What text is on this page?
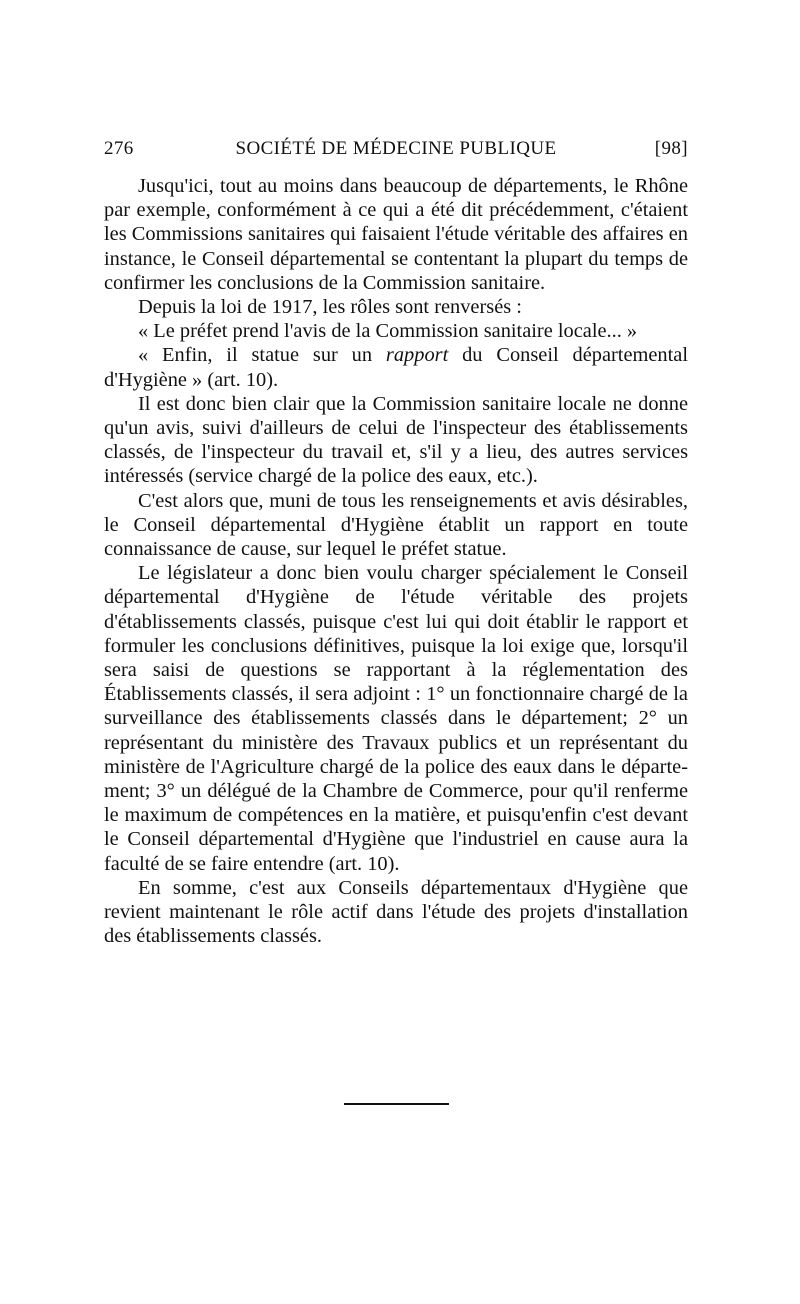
276	SOCIÉTÉ DE MÉDECINE PUBLIQUE	[98]

Jusqu'ici, tout au moins dans beaucoup de départements, le Rhône par exemple, conformément à ce qui a été dit précédemment, c'étaient les Commissions sanitaires qui faisaient l'étude véritable des affaires en instance, le Conseil départemental se contentant la plupart du temps de confirmer les conclusions de la Commission sanitaire.

Depuis la loi de 1917, les rôles sont renversés :

« Le préfet prend l'avis de la Commission sanitaire locale... »

« Enfin, il statue sur un rapport du Conseil départemental d'Hygiène » (art. 10).

Il est donc bien clair que la Commission sanitaire locale ne donne qu'un avis, suivi d'ailleurs de celui de l'inspecteur des établissements classés, de l'inspecteur du travail et, s'il y a lieu, des autres services intéressés (service chargé de la police des eaux, etc.).

C'est alors que, muni de tous les renseignements et avis désirables, le Conseil départemental d'Hygiène établit un rapport en toute connaissance de cause, sur lequel le préfet statue.

Le législateur a donc bien voulu charger spécialement le Conseil départemental d'Hygiène de l'étude véritable des projets d'établissements classés, puisque c'est lui qui doit établir le rapport et formuler les conclusions définitives, puisque la loi exige que, lorsqu'il sera saisi de questions se rapportant à la réglementation des Établissements classés, il sera adjoint : 1° un fonctionnaire chargé de la surveillance des établissements classés dans le département; 2° un représentant du ministère des Travaux publics et un représentant du ministère de l'Agriculture chargé de la police des eaux dans le département; 3° un délégué de la Chambre de Commerce, pour qu'il renferme le maximum de compétences en la matière, et puisqu'enfin c'est devant le Conseil départemental d'Hygiène que l'industriel en cause aura la faculté de se faire entendre (art. 10).

En somme, c'est aux Conseils départementaux d'Hygiène que revient maintenant le rôle actif dans l'étude des projets d'installation des établissements classés.
